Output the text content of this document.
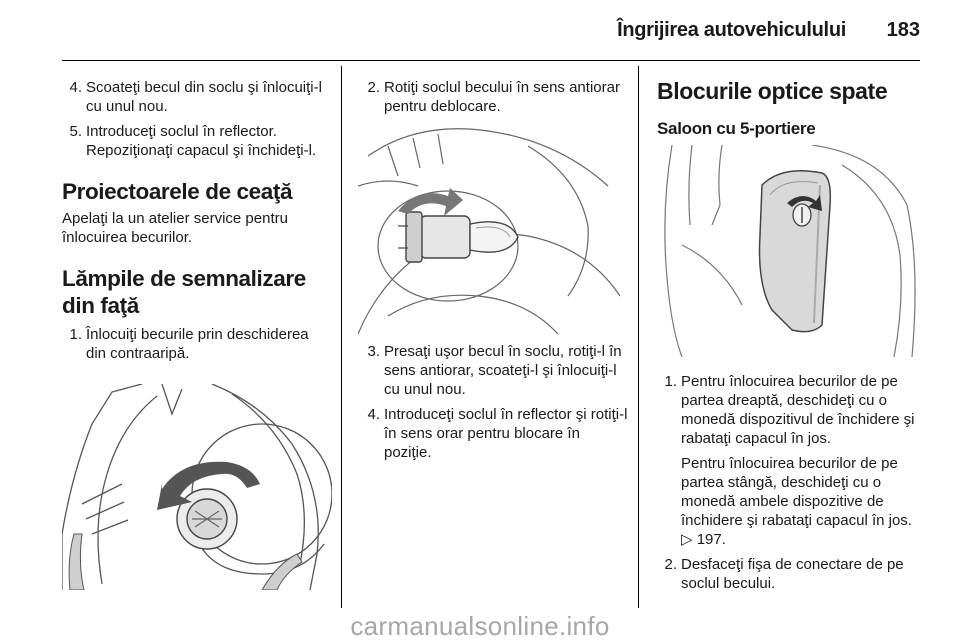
Îngrijirea autovehiculului	183
4. Scoateţi becul din soclu şi înlocuiţi-l cu unul nou.

5. Introduceţi soclul în reflector. Repoziţionaţi capacul şi închideţi-l.

Proiectoarele de ceaţă

Apelaţi la un atelier service pentru înlocuirea becurilor.

Lămpile de semnalizare din faţă
1. Înlocuiţi becurile prin deschiderea din contraaripă.

2. Rotiţi soclul becului în sens antiorar pentru deblocare.

3. Presaţi uşor becul în soclu, rotiţi-l în sens antiorar, scoateţi-l şi înlocuiţi-l cu unul nou.

4. Introduceţi soclul în reflector şi rotiţi-l în sens orar pentru blocare în poziţie.

Blocurile optice spate
Saloon cu 5-portiere
1. Pentru înlocuirea becurilor de pe partea dreaptă, deschideţi cu o monedă dispozitivul de închidere şi rabataţi capacul în jos.

Pentru înlocuirea becurilor de pe partea stângă, deschideţi cu o monedă ambele dispozitive de închidere şi rabataţi capacul în jos. ▷ 197.

2. Desfaceţi fişa de conectare de pe soclul becului.

carmanualsonline.info
